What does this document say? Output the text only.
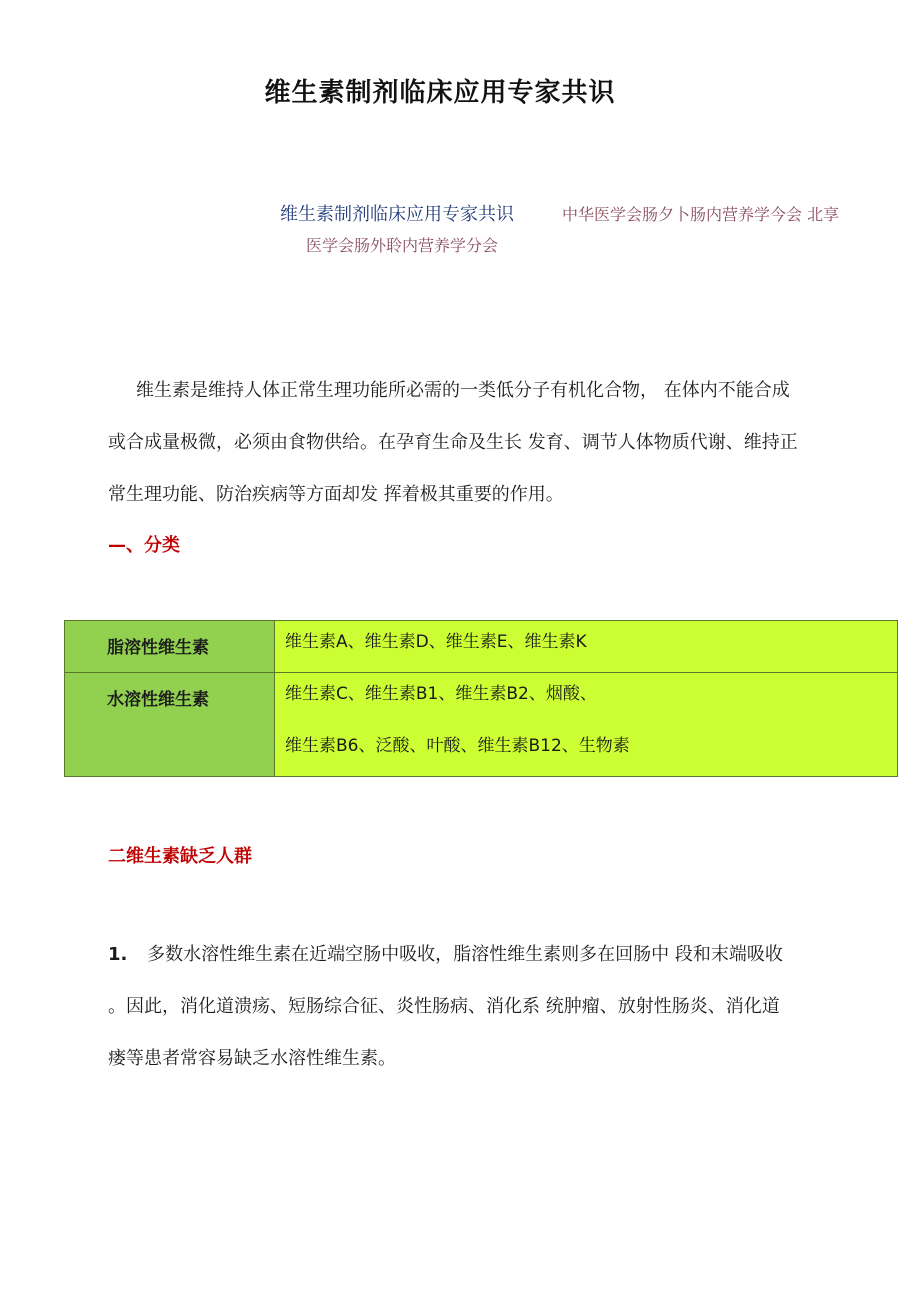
维生素制剂临床应用专家共识
维生素制剂临床应用专家共识	中华医学会肠夕卜肠内营养学今会 北享
医学会肠外聆内营养学分会
维生素是维持人体正常生理功能所必需的一类低分子有机化合物， 在体内不能合成
或合成量极微，必须由食物供给。在孕育生命及生长 发育、调节人体物质代谢、维持正
常生理功能、防治疾病等方面却发 挥着极其重要的作用。
—、分类
脂溶性维生素	维生素A、维生素D、维生素E、维生素K

水溶性维生素	维生素C、维生素B1、维生素B2、烟酸、
维生素B6、泛酸、叶酸、维生素B12、生物素
二维生素缺乏人群
1. 多数水溶性维生素在近端空肠中吸收，脂溶性维生素则多在回肠中 段和末端吸收
。因此，消化道溃疡、短肠综合征、炎性肠病、消化系 统肿瘤、放射性肠炎、消化道
瘘等患者常容易缺乏水溶性维生素。
